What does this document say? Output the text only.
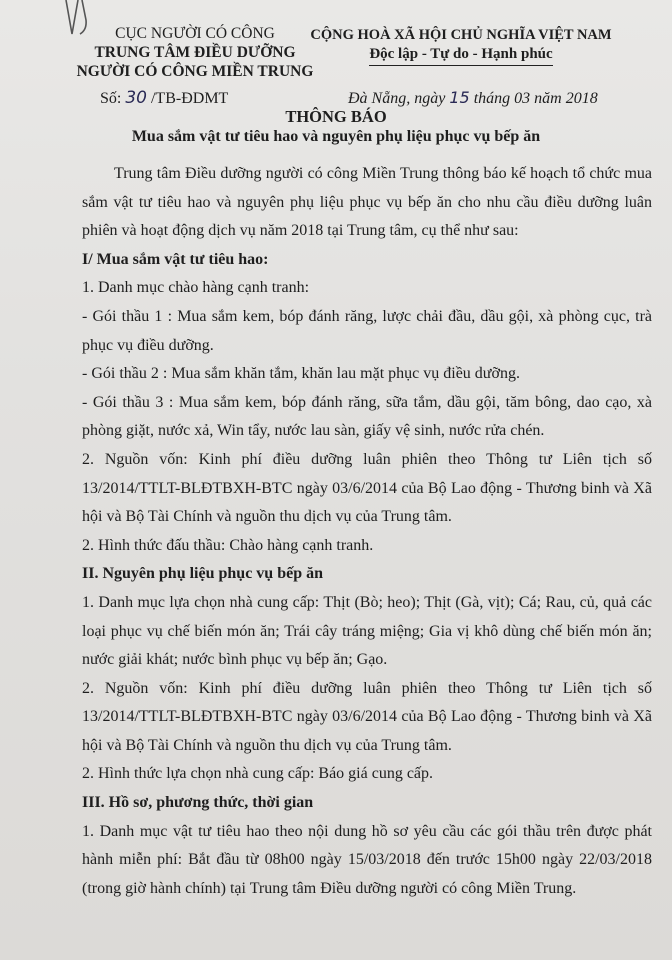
CỤC NGƯỜI CÓ CÔNG
TRUNG TÂM ĐIỀU DƯỠNG
NGƯỜI CÓ CÔNG MIỀN TRUNG
CỘNG HOÀ XÃ HỘI CHỦ NGHĨA VIỆT NAM
Độc lập - Tự do - Hạnh phúc
Số: 30 /TB-ĐDMT	Đà Nẵng, ngày 15 tháng 03 năm 2018
THÔNG BÁO
Mua sắm vật tư tiêu hao và nguyên phụ liệu phục vụ bếp ăn

Trung tâm Điều dưỡng người có công Miền Trung thông báo kế hoạch tổ chức mua sắm vật tư tiêu hao và nguyên phụ liệu phục vụ bếp ăn cho nhu cầu điều dưỡng luân phiên và hoạt động dịch vụ năm 2018 tại Trung tâm, cụ thể như sau:

I/ Mua sắm vật tư tiêu hao:

1. Danh mục chào hàng cạnh tranh:

- Gói thầu 1 : Mua sắm kem, bóp đánh răng, lược chải đầu, dầu gội, xà phòng cục, trà phục vụ điều dưỡng.

- Gói thầu 2 : Mua sắm khăn tắm, khăn lau mặt phục vụ điều dưỡng.

- Gói thầu 3 : Mua sắm kem, bóp đánh răng, sữa tắm, dầu gội, tăm bông, dao cạo, xà phòng giặt, nước xả, Win tẩy, nước lau sàn, giấy vệ sinh, nước rửa chén.

2. Nguồn vốn: Kinh phí điều dưỡng luân phiên theo Thông tư Liên tịch số 13/2014/TTLT-BLĐTBXH-BTC ngày 03/6/2014 của Bộ Lao động - Thương binh và Xã hội và Bộ Tài Chính và nguồn thu dịch vụ của Trung tâm.

2. Hình thức đấu thầu: Chào hàng cạnh tranh.

II. Nguyên phụ liệu phục vụ bếp ăn

1. Danh mục lựa chọn nhà cung cấp: Thịt (Bò; heo); Thịt (Gà, vịt); Cá; Rau, củ, quả các loại phục vụ chế biến món ăn; Trái cây tráng miệng; Gia vị khô dùng chế biến món ăn; nước giải khát; nước bình phục vụ bếp ăn; Gạo.

2. Nguồn vốn: Kinh phí điều dưỡng luân phiên theo Thông tư Liên tịch số 13/2014/TTLT-BLĐTBXH-BTC ngày 03/6/2014 của Bộ Lao động - Thương binh và Xã hội và Bộ Tài Chính và nguồn thu dịch vụ của Trung tâm.

2. Hình thức lựa chọn nhà cung cấp: Báo giá cung cấp.

III. Hồ sơ, phương thức, thời gian

1. Danh mục vật tư tiêu hao theo nội dung hồ sơ yêu cầu các gói thầu trên được phát hành miễn phí: Bắt đầu từ 08h00 ngày 15/03/2018 đến trước 15h00 ngày 22/03/2018 (trong giờ hành chính) tại Trung tâm Điều dưỡng người có công Miền Trung.
